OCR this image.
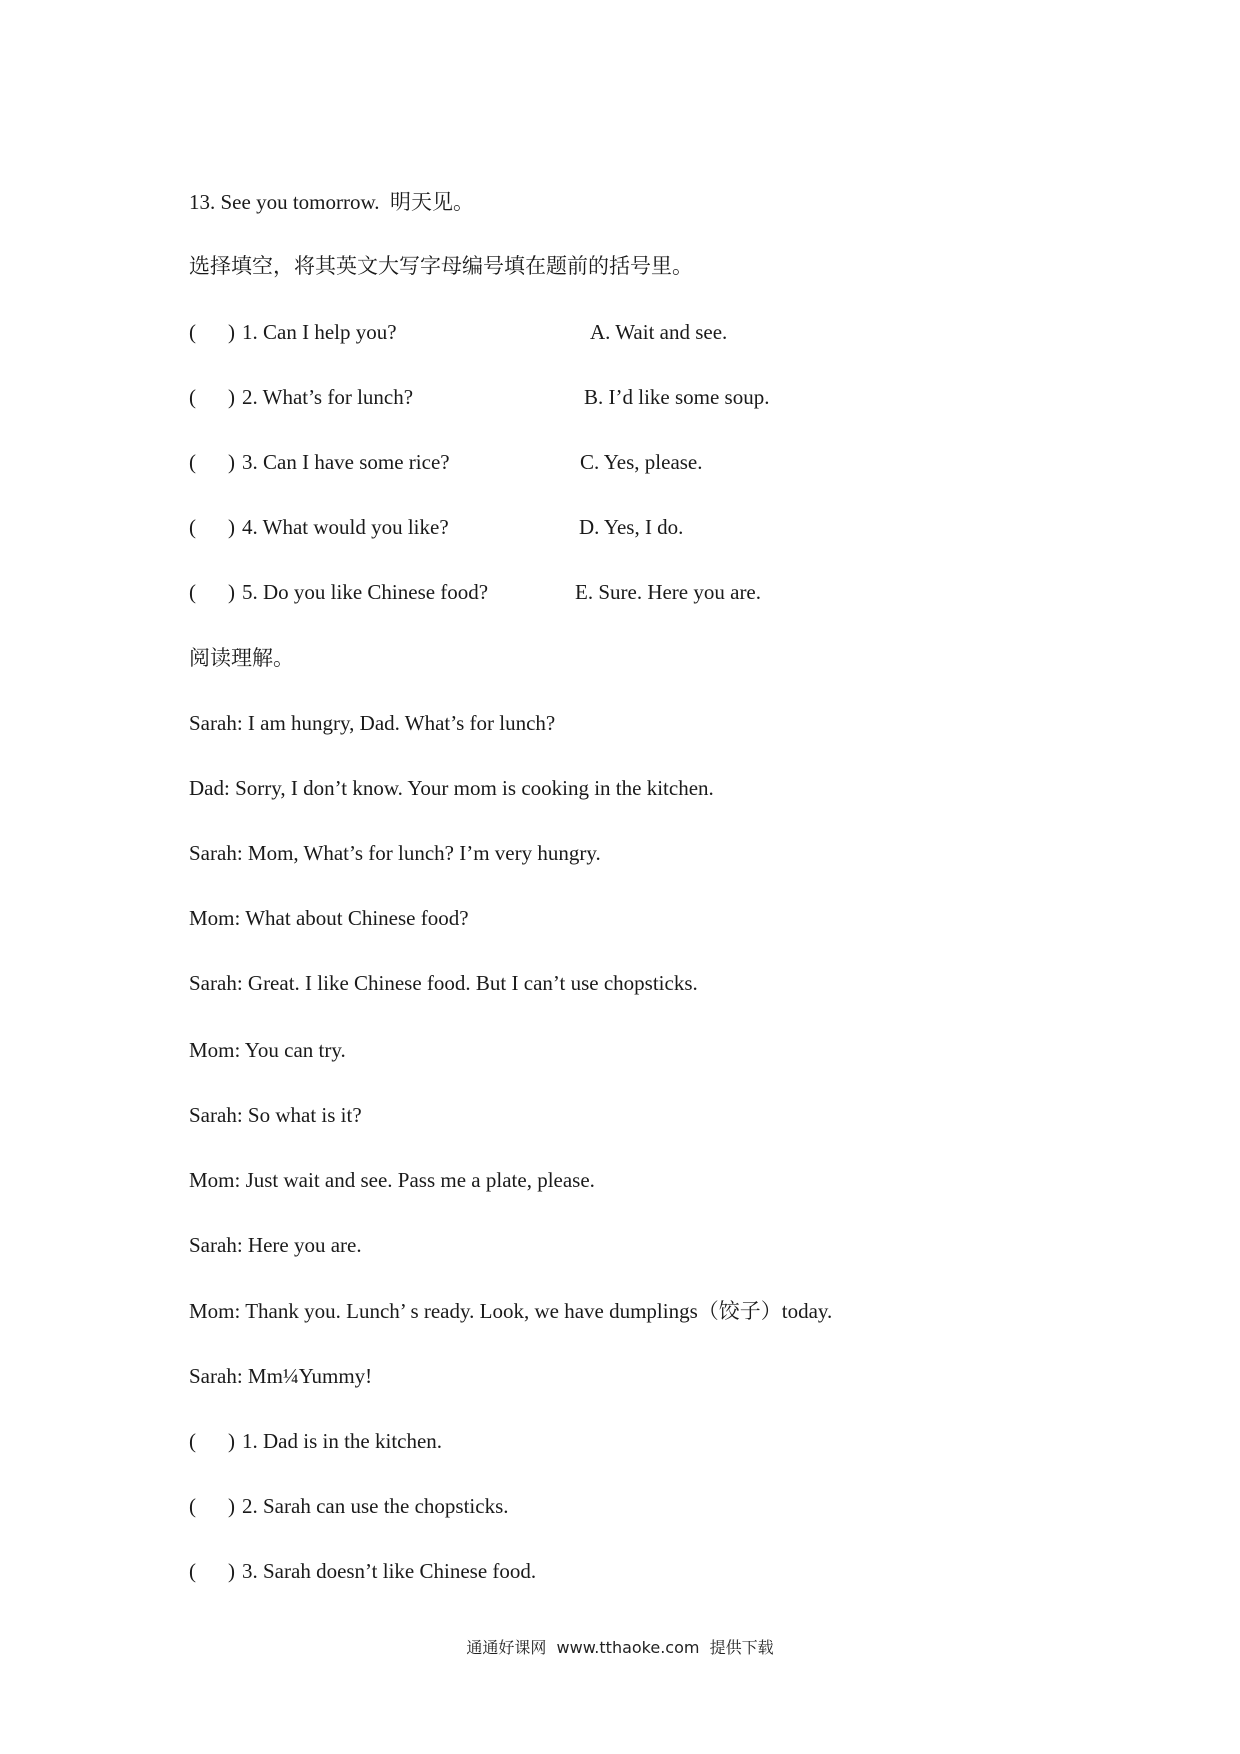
13. See you tomorrow.  明天见。
选择填空，将其英文大写字母编号填在题前的括号里。
( ) 1. Can I help you?	A. Wait and see.
( ) 2. What’s for lunch?	B. I’d like some soup.
( ) 3. Can I have some rice?	C. Yes, please.
( ) 4. What would you like?	D. Yes, I do.
( ) 5. Do you like Chinese food?	E. Sure. Here you are.
阅读理解。
Sarah: I am hungry, Dad. What’s for lunch?
Dad: Sorry, I don’t know. Your mom is cooking in the kitchen.
Sarah: Mom, What’s for lunch? I’m very hungry.
Mom: What about Chinese food?
Sarah: Great. I like Chinese food. But I can’t use chopsticks.
Mom: You can try.
Sarah: So what is it?
Mom: Just wait and see. Pass me a plate, please.
Sarah: Here you are.
Mom: Thank you. Lunch’ s ready. Look, we have dumplings（饺子）today.
Sarah: Mm¼Yummy!
( ) 1. Dad is in the kitchen.
( ) 2. Sarah can use the chopsticks.
( ) 3. Sarah doesn’t like Chinese food.
通通好课网  www.tthaoke.com  提供下载
